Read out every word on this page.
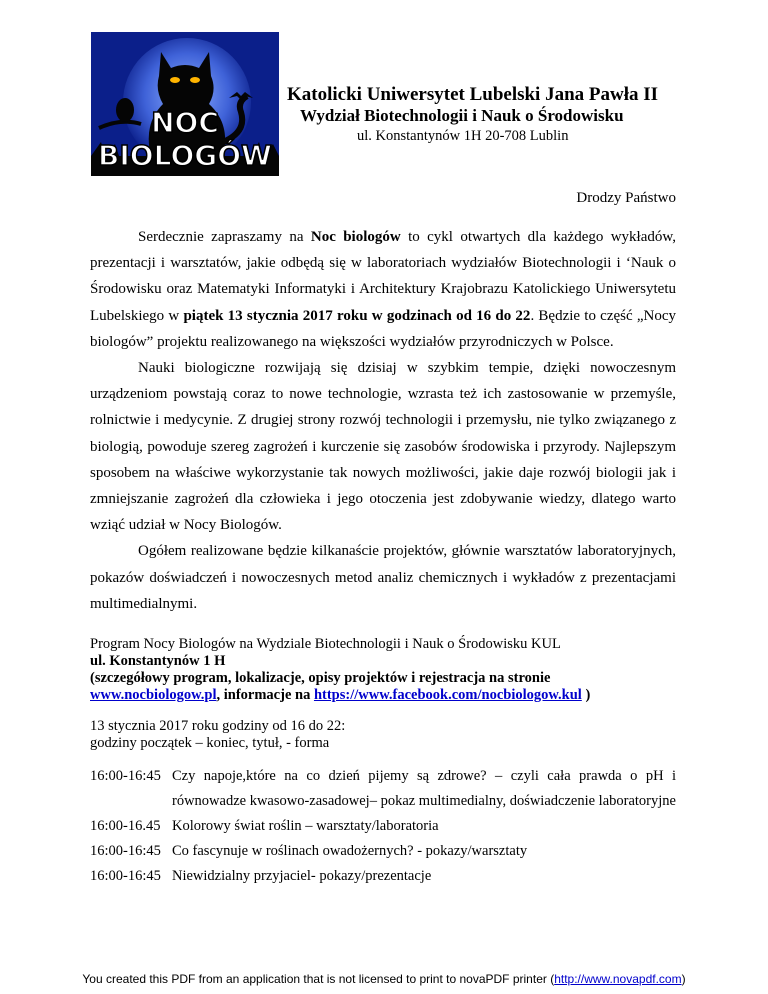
NOC BIOLOGÓW
Katolicki Uniwersytet Lubelski Jana Pawła II
Wydział Biotechnologii i Nauk o Środowisku
ul. Konstantynów 1H 20-708 Lublin
Drodzy Państwo

Serdecznie zapraszamy na Noc biologów to cykl otwartych dla każdego wykładów, prezentacji i warsztatów, jakie odbędą się w laboratoriach wydziałów Biotechnologii i ‘Nauk o Środowisku oraz Matematyki Informatyki i Architektury Krajobrazu Katolickiego Uniwersytetu Lubelskiego w piątek 13 stycznia 2017 roku w godzinach od 16 do 22. Będzie to część „Nocy biologów” projektu realizowanego na większości wydziałów przyrodniczych w Polsce.

Nauki biologiczne rozwijają się dzisiaj w szybkim tempie, dzięki nowoczesnym urządzeniom powstają coraz to nowe technologie, wzrasta też ich zastosowanie w przemyśle, rolnictwie i medycynie. Z drugiej strony rozwój technologii i przemysłu, nie tylko związanego z biologią, powoduje szereg zagrożeń i kurczenie się zasobów środowiska i przyrody. Najlepszym sposobem na właściwe wykorzystanie tak nowych możliwości, jakie daje rozwój biologii jak i zmniejszanie zagrożeń dla człowieka i jego otoczenia jest zdobywanie wiedzy, dlatego warto wziąć udział w Nocy Biologów.

Ogółem realizowane będzie kilkanaście projektów, głównie warsztatów laboratoryjnych, pokazów doświadczeń i nowoczesnych metod analiz chemicznych i wykładów z prezentacjami multimedialnymi.

Program Nocy Biologów na Wydziale Biotechnologii i Nauk o Środowisku KUL
ul. Konstantynów 1 H
(szczegółowy program, lokalizacje, opisy projektów i rejestracja na stronie
www.nocbiologow.pl, informacje na https://www.facebook.com/nocbiologow.kul )
13 stycznia 2017 roku godziny od 16 do 22:
godziny początek – koniec, tytuł, - forma
16:00-16:45 Czy napoje,które na co dzień pijemy są zdrowe? – czyli cała prawda o pH i równowadze kwasowo-zasadowej– pokaz multimedialny, doświadczenie laboratoryjne
16:00-16.45 Kolorowy świat roślin – warsztaty/laboratoria
16:00-16:45 Co fascynuje w roślinach owadożernych? - pokazy/warsztaty
16:00-16:45 Niewidzialny przyjaciel- pokazy/prezentacje
You created this PDF from an application that is not licensed to print to novaPDF printer (http://www.novapdf.com)
